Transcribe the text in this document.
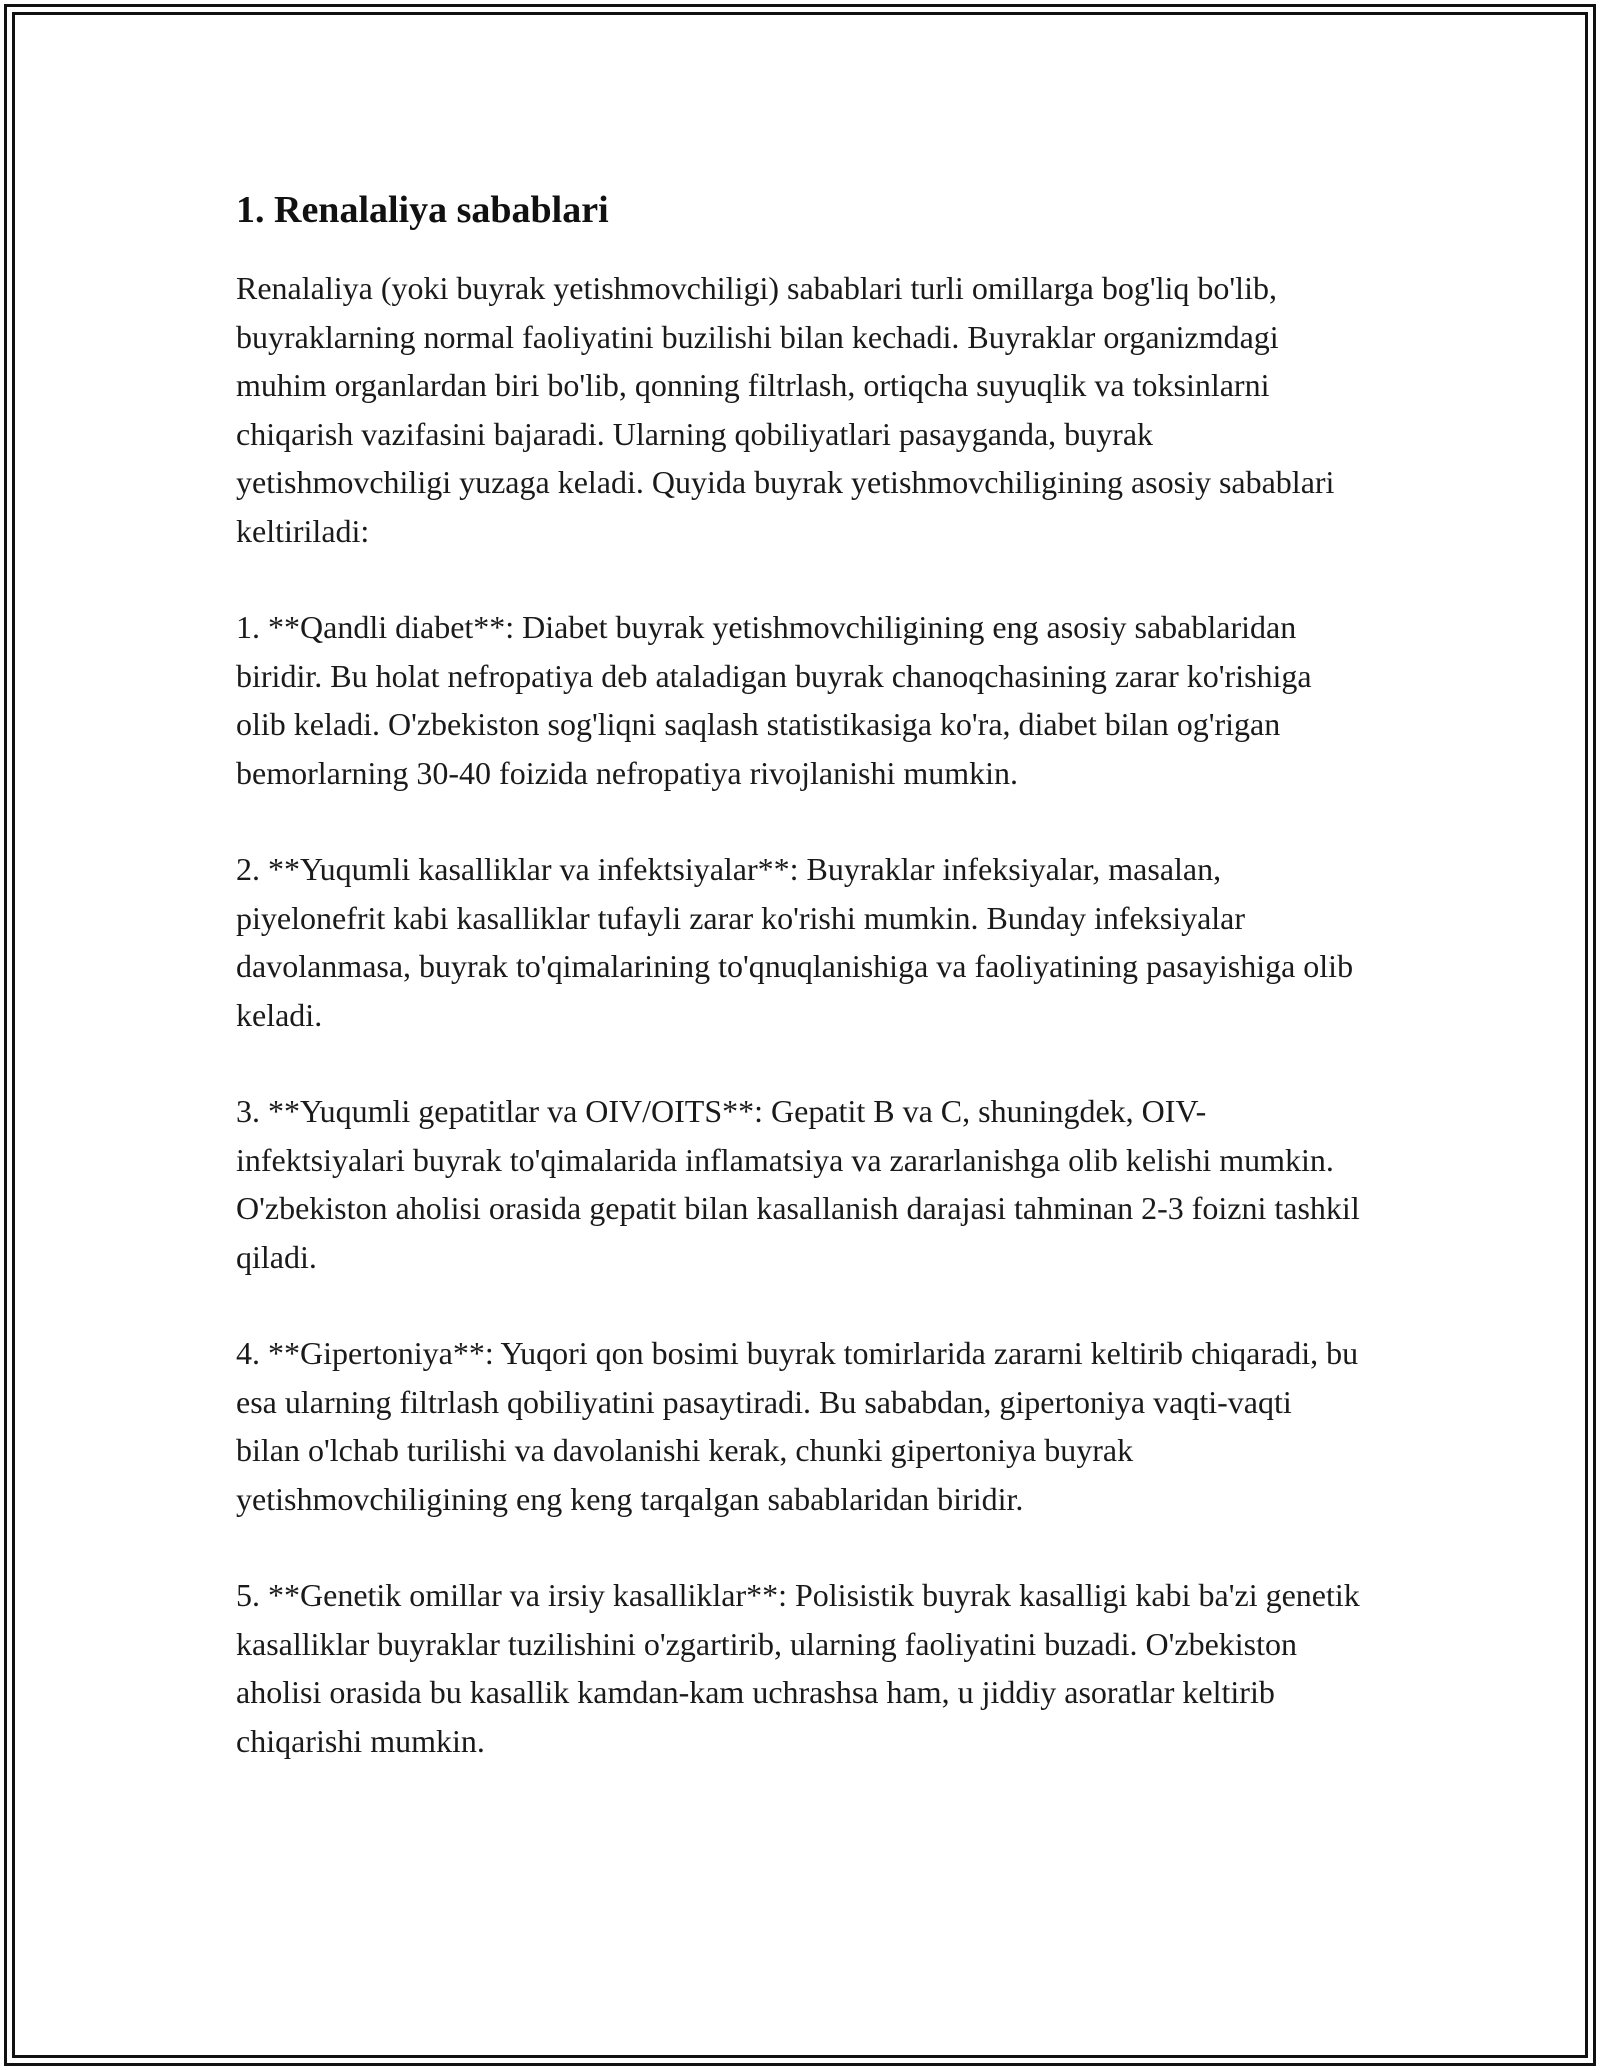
1. Renalaliya sabablari

Renalaliya (yoki buyrak yetishmovchiligi) sabablari turli omillarga bog'liq bo'lib, buyraklarning normal faoliyatini buzilishi bilan kechadi. Buyraklar organizmdagi muhim organlardan biri bo'lib, qonning filtrlash, ortiqcha suyuqlik va toksinlarni chiqarish vazifasini bajaradi. Ularning qobiliyatlari pasayganda, buyrak yetishmovchiligi yuzaga keladi. Quyida buyrak yetishmovchiligining asosiy sabablari keltiriladi:

1. **Qandli diabet**: Diabet buyrak yetishmovchiligining eng asosiy sabablaridan biridir. Bu holat nefropatiya deb ataladigan buyrak chanoqchasining zarar ko'rishiga olib keladi. O'zbekiston sog'liqni saqlash statistikasiga ko'ra, diabet bilan og'rigan bemorlarning 30-40 foizida nefropatiya rivojlanishi mumkin.

2. **Yuqumli kasalliklar va infektsiyalar**: Buyraklar infeksiyalar, masalan, piyelonefrit kabi kasalliklar tufayli zarar ko'rishi mumkin. Bunday infeksiyalar davolanmasa, buyrak to'qimalarining to'qnuqlanishiga va faoliyatining pasayishiga olib keladi.

3. **Yuqumli gepatitlar va OIV/OITS**: Gepatit B va C, shuningdek, OIV-infektsiyalari buyrak to'qimalarida inflamatsiya va zararlanishga olib kelishi mumkin. O'zbekiston aholisi orasida gepatit bilan kasallanish darajasi tahminan 2-3 foizni tashkil qiladi.

4. **Gipertoniya**: Yuqori qon bosimi buyrak tomirlarida zararni keltirib chiqaradi, bu esa ularning filtrlash qobiliyatini pasaytiradi. Bu sababdan, gipertoniya vaqti-vaqti bilan o'lchab turilishi va davolanishi kerak, chunki gipertoniya buyrak yetishmovchiligining eng keng tarqalgan sabablaridan biridir.

5. **Genetik omillar va irsiy kasalliklar**: Polisistik buyrak kasalligi kabi ba'zi genetik kasalliklar buyraklar tuzilishini o'zgartirib, ularning faoliyatini buzadi. O'zbekiston aholisi orasida bu kasallik kamdan-kam uchrashsa ham, u jiddiy asoratlar keltirib chiqarishi mumkin.
